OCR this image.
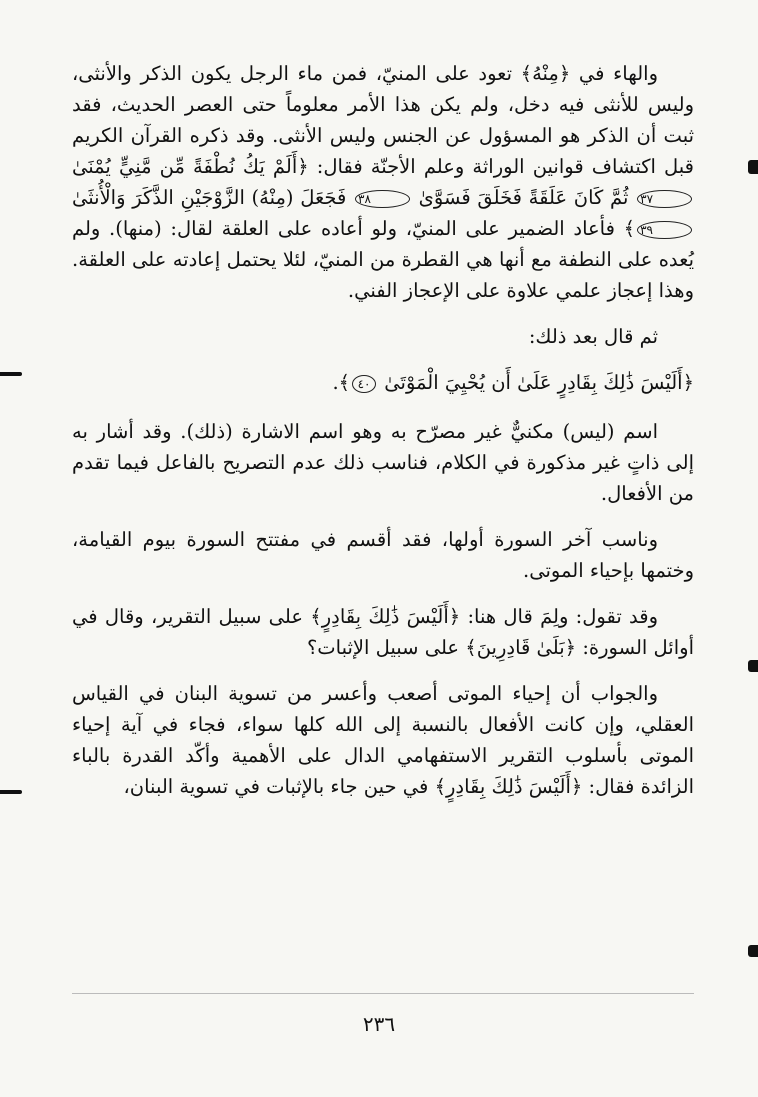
والهاء في ﴿مِنْهُ﴾ تعود على المنيّ، فمن ماء الرجل يكون الذكر والأنثى، وليس للأنثى فيه دخل، ولم يكن هذا الأمر معلوماً حتى العصر الحديث، فقد ثبت أن الذكر هو المسؤول عن الجنس وليس الأنثى. وقد ذكره القرآن الكريم قبل اكتشاف قوانين الوراثة وعلم الأجنّة فقال: ﴿أَلَمْ يَكُ نُطْفَةً مِّن مَّنِيٍّ يُمْنَىٰ ٣٧ ثُمَّ كَانَ عَلَقَةً فَخَلَقَ فَسَوَّىٰ ٣٨ فَجَعَلَ (مِنْهُ) الزَّوْجَيْنِ الذَّكَرَ وَالْأُنثَىٰ ٣٩﴾ فأعاد الضمير على المنيّ، ولو أعاده على العلقة لقال: (منها). ولم يُعده على النطفة مع أنها هي القطرة من المنيّ، لئلا يحتمل إعادته على العلقة. وهذا إعجاز علمي علاوة على الإعجاز الفني.

ثم قال بعد ذلك:

﴿أَلَيْسَ ذَٰلِكَ بِقَادِرٍ عَلَىٰ أَن يُحْيِيَ الْمَوْتَىٰ ٤٠﴾.

اسم (ليس) مكنيٌّ غير مصرّح به وهو اسم الاشارة (ذلك). وقد أشار به إلى ذاتٍ غير مذكورة في الكلام، فناسب ذلك عدم التصريح بالفاعل فيما تقدم من الأفعال.

وناسب آخر السورة أولها، فقد أقسم في مفتتح السورة بيوم القيامة، وختمها بإحياء الموتى.

وقد تقول: ولِمَ قال هنا: ﴿أَلَيْسَ ذَٰلِكَ بِقَادِرٍ﴾ على سبيل التقرير، وقال في أوائل السورة: ﴿بَلَىٰ قَادِرِينَ﴾ على سبيل الإثبات؟

والجواب أن إحياء الموتى أصعب وأعسر من تسوية البنان في القياس العقلي، وإن كانت الأفعال بالنسبة إلى الله كلها سواء، فجاء في آية إحياء الموتى بأسلوب التقرير الاستفهامي الدال على الأهمية وأكّد القدرة بالباء الزائدة فقال: ﴿أَلَيْسَ ذَٰلِكَ بِقَادِرٍ﴾ في حين جاء بالإثبات في تسوية البنان،

٢٣٦
